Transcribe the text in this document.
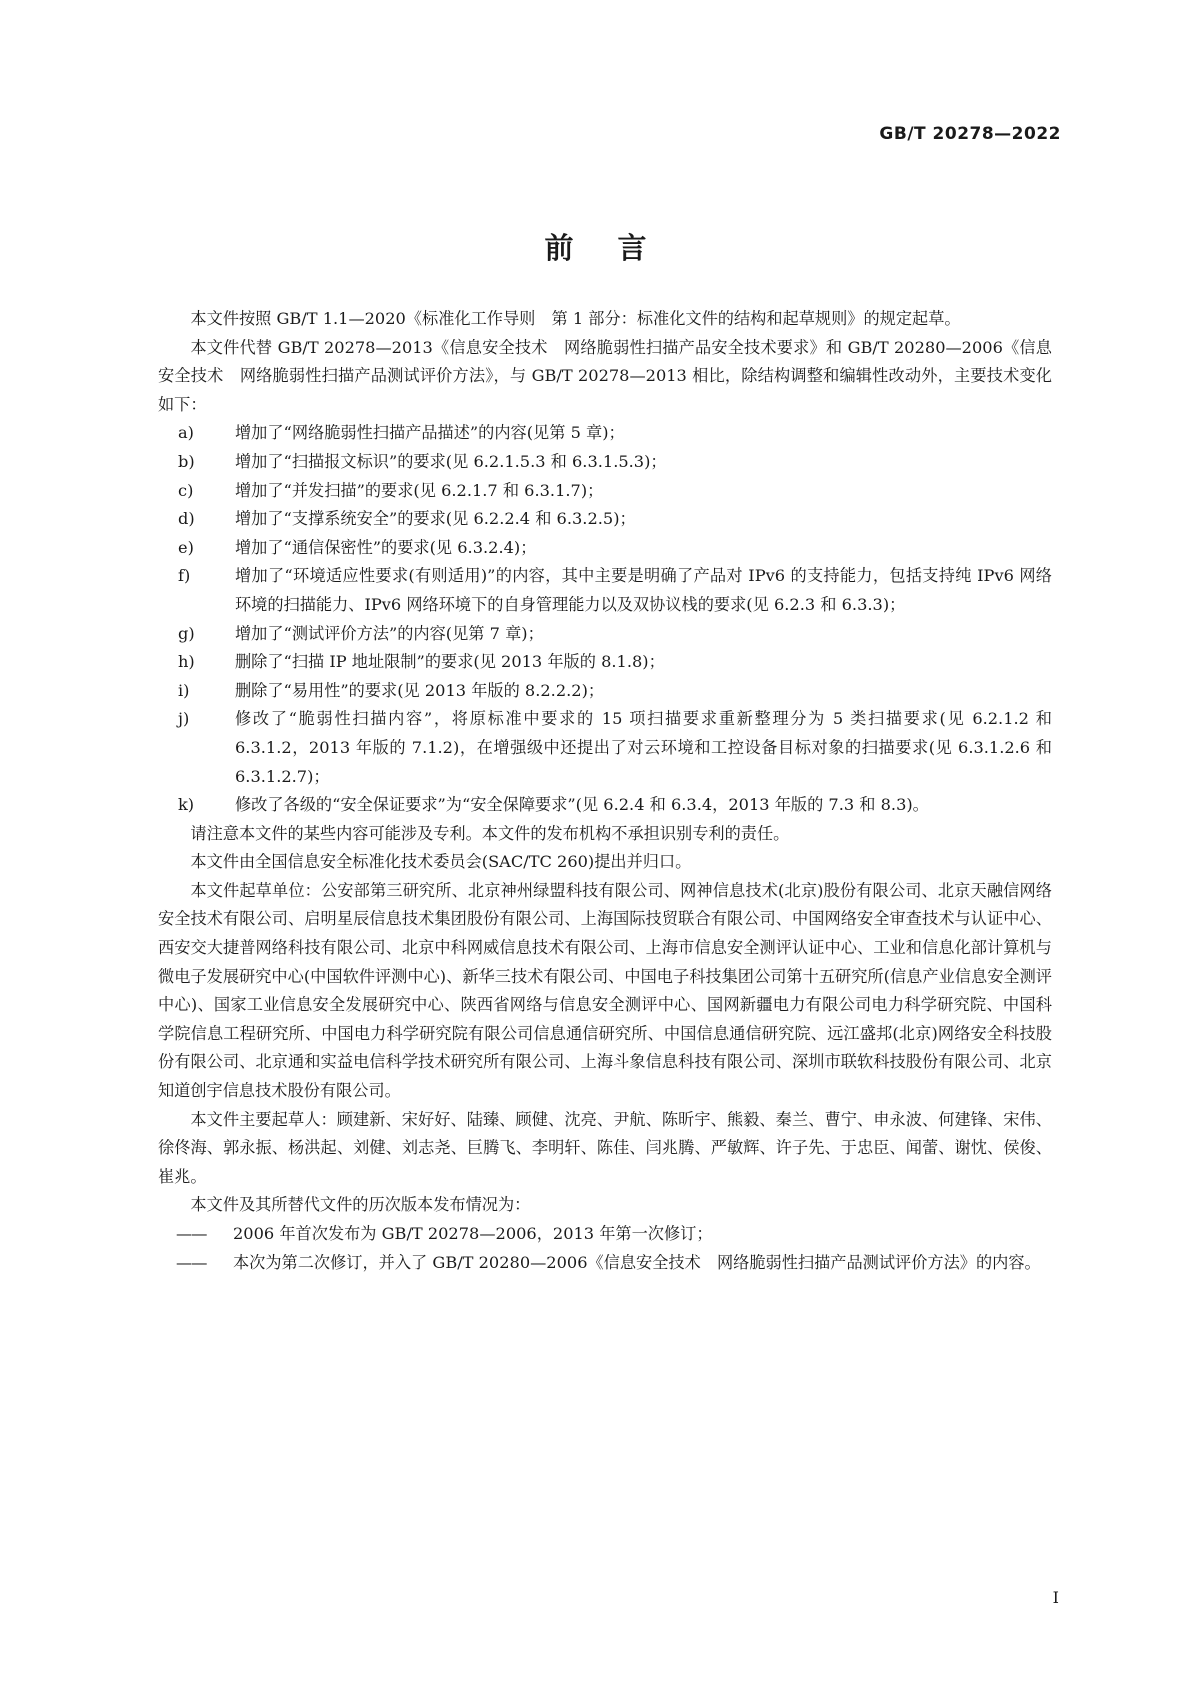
GB/T 20278—2022
前言

本文件按照 GB/T 1.1—2020《标准化工作导则　第 1 部分：标准化文件的结构和起草规则》的规定起草。

本文件代替 GB/T 20278—2013《信息安全技术　网络脆弱性扫描产品安全技术要求》和 GB/T 20280—2006《信息安全技术　网络脆弱性扫描产品测试评价方法》，与 GB/T 20278—2013 相比，除结构调整和编辑性改动外，主要技术变化如下：

a)	增加了“网络脆弱性扫描产品描述”的内容(见第 5 章)；
b) 增加了“扫描报文标识”的要求(见 6.2.1.5.3 和 6.3.1.5.3)；
c)	增加了“并发扫描”的要求(见 6.2.1.7 和 6.3.1.7)；
d) 增加了“支撑系统安全”的要求(见 6.2.2.4 和 6.3.2.5)；
e)	增加了“通信保密性”的要求(见 6.3.2.4)；
f)	增加了“环境适应性要求(有则适用)”的内容，其中主要是明确了产品对 IPv6 的支持能力，包括支持纯 IPv6 网络环境的扫描能力、IPv6 网络环境下的自身管理能力以及双协议栈的要求(见 6.2.3 和 6.3.3)；
g) 增加了“测试评价方法”的内容(见第 7 章)；
h) 删除了“扫描 IP 地址限制”的要求(见 2013 年版的 8.1.8)；
i)	删除了“易用性”的要求(见 2013 年版的 8.2.2.2)；
j)	修改了“脆弱性扫描内容”，将原标准中要求的 15 项扫描要求重新整理分为 5 类扫描要求(见 6.2.1.2 和 6.3.1.2，2013 年版的 7.1.2)，在增强级中还提出了对云环境和工控设备目标对象的扫描要求(见 6.3.1.2.6 和 6.3.1.2.7)；
k)	修改了各级的“安全保证要求”为“安全保障要求”(见 6.2.4 和 6.3.4，2013 年版的 7.3 和 8.3)。

请注意本文件的某些内容可能涉及专利。本文件的发布机构不承担识别专利的责任。

本文件由全国信息安全标准化技术委员会(SAC/TC 260)提出并归口。

本文件起草单位：公安部第三研究所、北京神州绿盟科技有限公司、网神信息技术(北京)股份有限公司、北京天融信网络安全技术有限公司、启明星辰信息技术集团股份有限公司、上海国际技贸联合有限公司、中国网络安全审查技术与认证中心、西安交大捷普网络科技有限公司、北京中科网威信息技术有限公司、上海市信息安全测评认证中心、工业和信息化部计算机与微电子发展研究中心(中国软件评测中心)、新华三技术有限公司、中国电子科技集团公司第十五研究所(信息产业信息安全测评中心)、国家工业信息安全发展研究中心、陕西省网络与信息安全测评中心、国网新疆电力有限公司电力科学研究院、中国科学院信息工程研究所、中国电力科学研究院有限公司信息通信研究所、中国信息通信研究院、远江盛邦(北京)网络安全科技股份有限公司、北京通和实益电信科学技术研究所有限公司、上海斗象信息科技有限公司、深圳市联软科技股份有限公司、北京知道创宇信息技术股份有限公司。

本文件主要起草人：顾建新、宋好好、陆臻、顾健、沈亮、尹航、陈昕宇、熊毅、秦兰、曹宁、申永波、何建锋、宋伟、徐佟海、郭永振、杨洪起、刘健、刘志尧、巨腾飞、李明轩、陈佳、闫兆腾、严敏辉、许子先、于忠臣、闻蕾、谢忱、侯俊、崔兆。

本文件及其所替代文件的历次版本发布情况为：

—— 2006 年首次发布为 GB/T 20278—2006，2013 年第一次修订；
—— 本次为第二次修订，并入了 GB/T 20280—2006《信息安全技术　网络脆弱性扫描产品测试评价方法》的内容。
I
